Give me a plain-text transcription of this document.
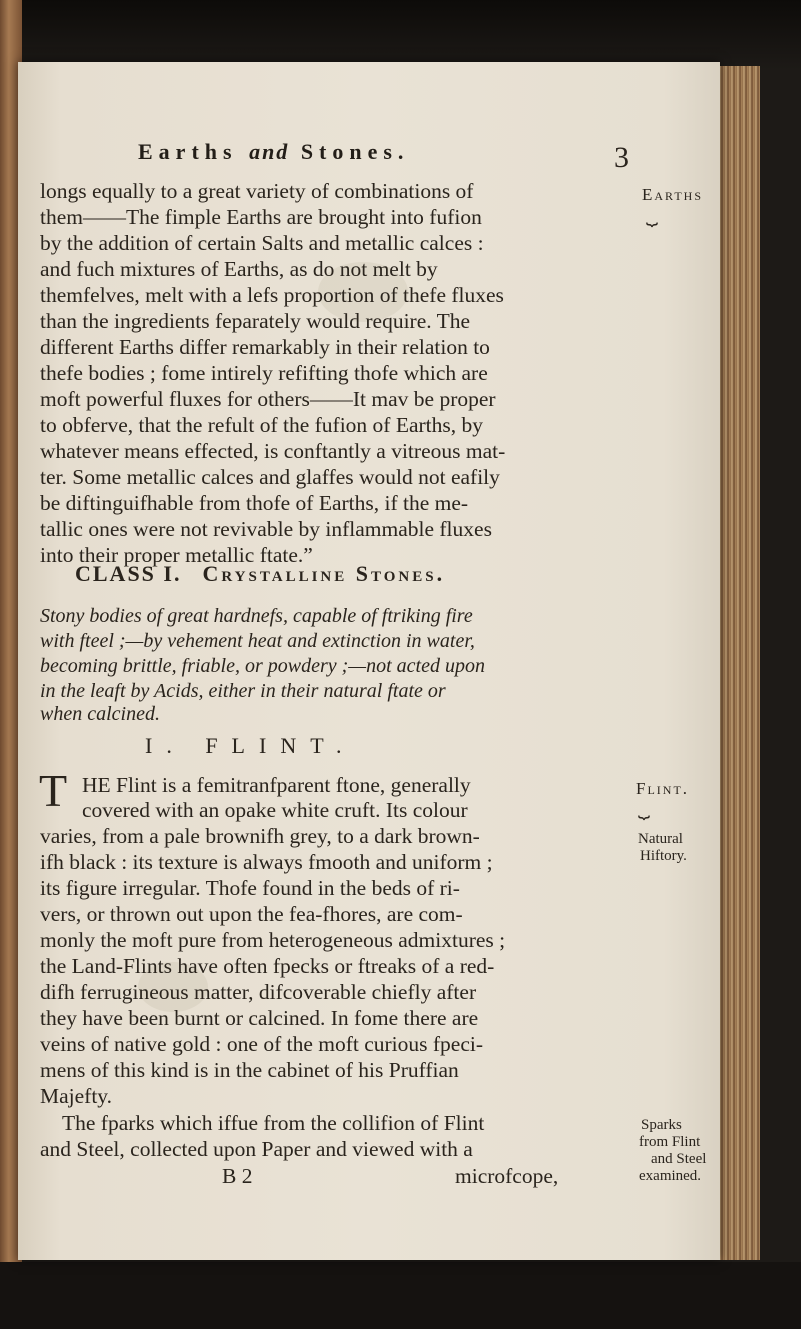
Earths and Stones.	3
longs equally to a great variety of combinations of
them——The fimple Earths are brought into fufion
by the addition of certain Salts and metallic calces :
and fuch mixtures of Earths, as do not melt by
themfelves, melt with a lefs proportion of thefe fluxes
than the ingredients feparately would require. The
different Earths differ remarkably in their relation to
thefe bodies ; fome intirely refifting thofe which are
moft powerful fluxes for others——It mav be proper
to obferve, that the refult of the fufion of Earths, by
whatever means effected, is conftantly a vitreous mat-
ter. Some metallic calces and glaffes would not eafily
be diftinguifhable from thofe of Earths, if the me-
tallic ones were not revivable by inflammable fluxes
into their proper metallic ftate.”
Earths
⏟
CLASS I. Crystalline Stones.
Stony bodies of great hardnefs, capable of ftriking fire
with fteel ;—by vehement heat and extinction in water,
becoming brittle, friable, or powdery ;—not acted upon
in the leaft by Acids, either in their natural ftate or
when calcined.
I. FLINT.
T HE Flint is a femitranfparent ftone, generally
covered with an opake white cruft. Its colour
varies, from a pale brownifh grey, to a dark brown-
ifh black : its texture is always fmooth and uniform ;
its figure irregular. Thofe found in the beds of ri-
vers, or thrown out upon the fea-fhores, are com-
monly the moft pure from heterogeneous admixtures ;
the Land-Flints have often fpecks or ftreaks of a red-
difh ferrugineous matter, difcoverable chiefly after
they have been burnt or calcined. In fome there are
veins of native gold : one of the moft curious fpeci-
mens of this kind is in the cabinet of his Pruffian
Majefty.
The fparks which iffue from the collifion of Flint
and Steel, collected upon Paper and viewed with a
B 2	microfcope,
Flint.
⏟
Natural
Hiftory.
Sparks
from Flint
and Steel
examined.
